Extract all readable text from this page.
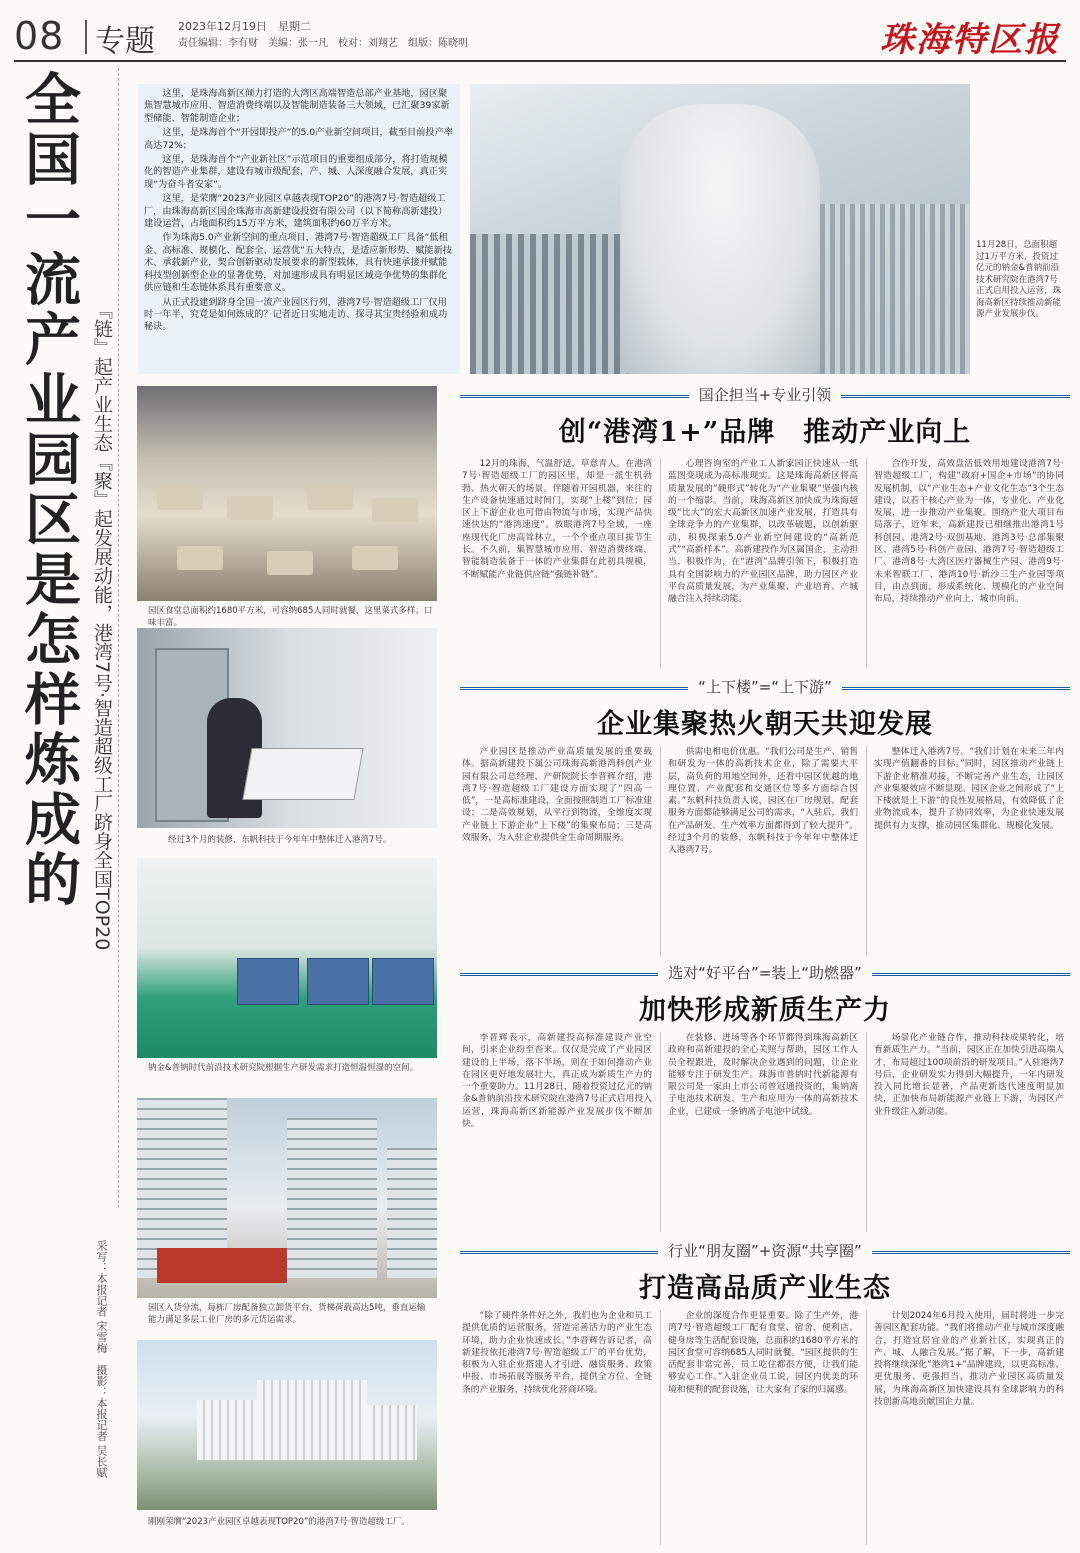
08 专题 2023年12月19日　星期二
责任编辑：李有财　美编：张一凡　校对：刘翔艺　组版：陈晓明	珠海特区报
全国一流产业园区是怎样炼成的 『链』起产业生态『聚』起发展动能，港湾7号·智造超级工厂跻身全国TOP20
采写：本报记者 宋雪梅　摄影：本报记者 吴长赋

这里，是珠海高新区倾力打造的大湾区高端智造总部产业基地，园区聚焦智慧城市应用、智造消费终端以及智能制造装备三大领域，已汇聚39家新型储能、智能制造企业；

这里，是珠海首个“开园即投产”的5.0产业新空间项目，截至目前投产率高达72%；

这里，是珠海首个“产业新社区”示范项目的重要组成部分，将打造规模化的智造产业集群，建设有城市级配套，产、城、人深度融合发展，真正实现“为奋斗者安家”。

这里，是荣膺“2023产业园区卓越表现TOP20”的港湾7号·智造超级工厂，由珠海高新区国企珠海市高新建设投资有限公司（以下简称高新建投）建设运营，占地面积约15万平方米，建筑面积约60万平方米。

作为珠海5.0产业新空间的重点项目，港湾7号·智造超级工厂具备“低租金、高标准、规模化、配套全、运营优”五大特点，是适应新形势、赋能新技术、承载新产业，契合创新驱动发展要求的新型载体，具有快速承接并赋能科技型创新型企业的显著优势，对加速形成具有明显区域竞争优势的集群化供应链和生态链体系具有重要意义。

从正式投建到跻身全国一流产业园区行列，港湾7号·智造超级工厂仅用时一年半，究竟是如何炼成的？记者近日实地走访、探寻其宝贵经验和成功秘诀。

11月28日，总面积超过1万平方米，投资过亿元的钠金&普钠前沿技术研究院在港湾7号正式启用投入运营，珠海高新区持续推动新能源产业发展步伐。
园区食堂总面积约1680平方米，可容纳685人同时就餐，这里菜式多样、口味丰富。
经过3个月的装修，东帆科技于今年年中整体迁入港湾7号。
钠金&普钠时代前沿技术研究院根据生产研发需求打造恒温恒湿的空间。
园区入货分流，每栋厂房配备独立卸货平台，货梯荷载高达5吨，垂直运输能力满足多层工业厂房的多元货运需求。
刚刚荣膺“2023产业园区卓越表现TOP20”的港湾7号·智造超级工厂。
国企担当+专业引领
创“港湾1+”品牌　推动产业向上

12月的珠海，气温舒适，草意青人。在港湾7号·智造超级工厂的园区里，却是一派生机勃勃、热火朝天的场景。伴随着开园机器，来往的生产设备快速通过时间门，实现“上楼”到位；园区上下游企业也可借由物流与市场，实现产品快速快达的“港湾速度”。放眼港湾7号全域，一座座现代化厂房高耸林立，一个个重点项目拔节生长。不久前，集智慧城市应用、智造消费终端、智能制造装备于一体的产业集群在此初具规模，不断赋能产业链供应链“强链补链”。

心理咨询室的产业工人新家园正快速从一纸蓝图变现成为高标准现实。这是珠海高新区将高质量发展的“硬形式”转化为“产业集聚”坚强内核的一个缩影。当前，珠海高新区加快成为珠海超级“比大”的宏大高新区加速产业发展，打造具有全球竞争力的产业集群，以改革破题，以创新驱动，积极探索5.0产业新空间建设的“高新范式”“高新样本”。高新建投作为区属国企，主动担当、积极作为，在“港湾”品牌引领下，积极打造具有全国影响力的产业园区品牌，助力园区产业平台高质量发展，为产业集聚、产业培育、产城融合注入持续动能。

合作开发，高效盘活低效用地建设港湾7号·智造超级工厂，构建“政府+国企+市场”的协同发展机制，以“产业生态+产业文化生态”3个生态建设，以若干核心产业为一体，专业化、产业化发展，进一步推动产业集聚。围绕产业大项目布局落子，近年来，高新建投已相继推出港湾1号科创园、港湾2号·双创基地、港湾3号·总部集聚区、港湾5号·科创产业园、港湾7号·智造超级工厂、港湾8号·大湾区医疗器械生产园、港湾9号·未来智联工厂、港湾10号·新沙三生产业园等项目，由点到面，形成系统化、规模化的产业空间布局，持续推动产业向上、城市向前。

“上下楼”=“上下游”
企业集聚热火朝天共迎发展

产业园区是推动产业高质量发展的重要载体。据高新建投下属公司珠海高新港湾科创产业园有限公司总经理、产研院院长李晋辉介绍，港湾7号·智造超级工厂建设方面实现了“四高一低”，一是高标准建设，全面按照制造工厂标准建设；二是高效规划，从平行到物流，全维度实现产业链上下游企业“上下楼”的集聚布局；三是高效服务，为入驻企业提供全生命周期服务。

供需电相电价优惠。“我们公司是生产、销售和研发为一体的高新技术企业，除了需要大平层，高负荷的用地空间外，还看中园区优越的地理位置、产业配套和交通区位等多方面综合因素。”东帆科技负责人说，园区在厂房规划、配套服务方面都能够满足公司的需求，“入驻后，我们在产品研发、生产效率方面都得到了较大提升”。经过3个月的装修，东帆科技于今年年中整体迁入港湾7号。

整体迁入港湾7号。“我们计划在未来三年内实现产值翻番的目标。”同时，园区推动产业链上下游企业精准对接，不断完善产业生态，让园区产业集聚效应不断显现。园区企业之间形成了“上下楼就是上下游”的良性发展格局，有效降低了企业物流成本，提升了协同效率，为企业快速发展提供有力支撑，推动园区集群化、规模化发展。

选对“好平台”=装上“助燃器”
加快形成新质生产力

李晋辉表示，高新建投高标准建设产业空间，引来企业纷至沓来。仅仅是完成了产业园区建设的上半场，落下半场，则在于如何推动产业在园区更好地发展壮大，真正成为新质生产力的一个重要助力。11月28日，随着投资过亿元的钠金&普钠前沿技术研究院在港湾7号正式启用投入运营，珠海高新区新能源产业发展步伐不断加快。

在装修、进场等各个环节都得到珠海高新区政府和高新建投的全心关照与帮助，园区工作人员全程跟进，及时解决企业遇到的问题，让企业能够专注于研发生产。珠海市普钠时代新能源有限公司是一家由上市公司普冠通投资的，集钠离子电池技术研发、生产和应用为一体的高新技术企业，已建成一条钠离子电池中试线。

场景化产业链合作，推动科技成果转化，培育新质生产力。“当前，园区正在加快引进高端人才，布局超过100项前沿的研发项目。”入驻港湾7号后，企业研发实力得到大幅提升，一年内研发投入同比增长显著，产品更新迭代速度明显加快，正加快布局新能源产业链上下游，为园区产业升级注入新动能。

行业“朋友圈”+资源“共享圈”
打造高品质产业生态

“除了硬件条件好之外，我们也为企业和员工提供优质的运营服务，营造完善活力的产业生态环境，助力企业快速成长。”李晋辉告诉记者，高新建投依托港湾7号·智造超级工厂的平台优势，积极为入驻企业搭建人才引进、融资服务、政策申报、市场拓展等服务平台，提供全方位、全链条的产业服务，持续优化营商环境。

企业的深度合作更显重要。除了生产外，港湾7号·智造超级工厂配有食堂、宿舍、便利店、健身房等生活配套设施，总面积约1680平方米的园区食堂可容纳685人同时就餐。“园区提供的生活配套非常完善，员工吃住都很方便，让我们能够安心工作。”入驻企业员工说，园区内优美的环境和便利的配套设施，让大家有了家的归属感。

计划2024年6月投入使用，届时将进一步完善园区配套功能。“我们将推动产业与城市深度融合，打造宜居宜业的产业新社区，实现真正的产、城、人融合发展。”据了解，下一步，高新建投将继续深化“港湾1+”品牌建设，以更高标准、更优服务、更强担当，推动产业园区高质量发展，为珠海高新区加快建设具有全球影响力的科技创新高地贡献国企力量。
